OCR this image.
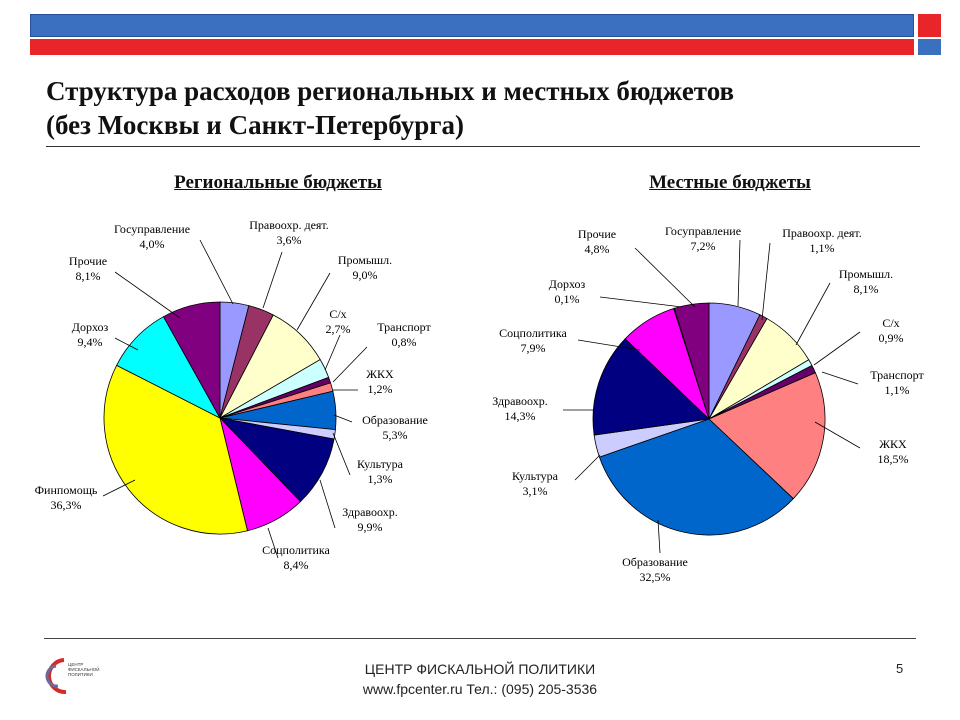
Структура расходов региональных и местных бюджетов
(без Москвы и Санкт-Петербурга)
Региональные бюджеты	Местные бюджеты
Госуправление
4,0%
Правоохр. деят.
3,6%
Промышл.
9,0%
С/х
2,7% Транспорт
0,8%
ЖКХ
1,2%
Образование
5,3%
Культура
1,3%
Здравоохр.
9,9%
Соцполитика
8,4%
Финпомощь
36,3%
Дорхоз
9,4%
Прочие
8,1%
Госуправление
7,2%
Правоохр. деят.
1,1%
Промышл.
8,1%
С/х
0,9%
Транспорт
1,1%
ЖКХ
18,5%
Образование
32,5%
Культура
3,1%
Здравоохр.
14,3%
Соцполитика
7,9%
Дорхоз
0,1%
Прочие
4,8%
ЦЕНТР
ФИСКАЛЬНОЙ
ПОЛИТИКИ	ЦЕНТР ФИСКАЛЬНОЙ ПОЛИТИКИ
www.fpcenter.ru Тел.: (095) 205-3536
5
